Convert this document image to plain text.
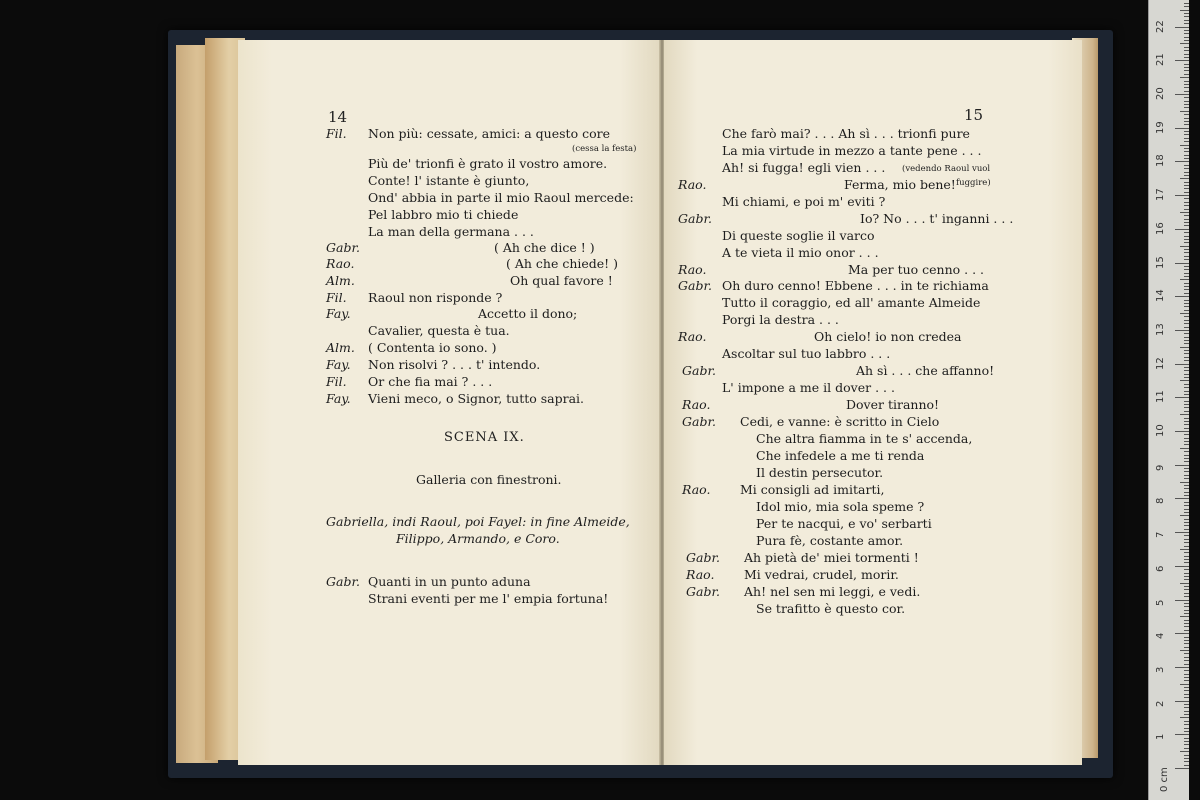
14
Fil. Non più: cessate, amici: a questo core
(cessa la festa)
Più de' trionfi è grato il vostro amore.
Conte! l' istante è giunto,
Ond' abbia in parte il mio Raoul mercede:
Pel labbro mio ti chiede
La man della germana . . .
Gabr.	( Ah che dice ! )
Rao.	( Ah che chiede! )
Alm.	Oh qual favore !
Fil. Raoul non risponde ?
Fay.	Accetto il dono;
Cavalier, questa è tua.
Alm. ( Contenta io sono. )
Fay. Non risolvi ? . . . t' intendo.
Fil. Or che fia mai ? . . .
Fay. Vieni meco, o Signor, tutto saprai.
SCENA IX.
Galleria con finestroni.
Gabriella, indi Raoul, poi Fayel: in fine Almeide,
Filippo, Armando, e Coro.
Gabr. Quanti in un punto aduna
Strani eventi per me l' empia fortuna!
15
Che farò mai? . . . Ah sì . . . trionfi pure
La mia virtude in mezzo a tante pene . . .
Ah! si fugga! egli vien . . . (vedendo Raoul vuol
Rao.	Ferma, mio bene! fuggire)
Mi chiami, e poi m' eviti ?
Gabr.	Io? No . . . t' inganni . . .
Di queste soglie il varco
A te vieta il mio onor . . .
Rao.	Ma per tuo cenno . . .
Gabr. Oh duro cenno! Ebbene . . . in te richiama
Tutto il coraggio, ed all' amante Almeide
Porgi la destra . . .
Rao.	Oh cielo! io non credea
Ascoltar sul tuo labbro . . .
Gabr.	Ah sì . . . che affanno!
L' impone a me il dover . . .
Rao.	Dover tiranno!
Gabr. Cedi, e vanne: è scritto in Cielo
Che altra fiamma in te s' accenda,
Che infedele a me ti renda
Il destin persecutor.
Rao. Mi consigli ad imitarti,
Idol mio, mia sola speme ?
Per te nacqui, e vo' serbarti
Pura fè, costante amor.
Gabr. Ah pietà de' miei tormenti !
Rao. Mi vedrai, crudel, morir.
Gabr. Ah! nel sen mi leggi, e vedi.
Se trafitto è questo cor.
0 cm
1
2
3
4
5
6
7
8
9
10
11
12
13
14
15
16
17
18
19
20
21
22
